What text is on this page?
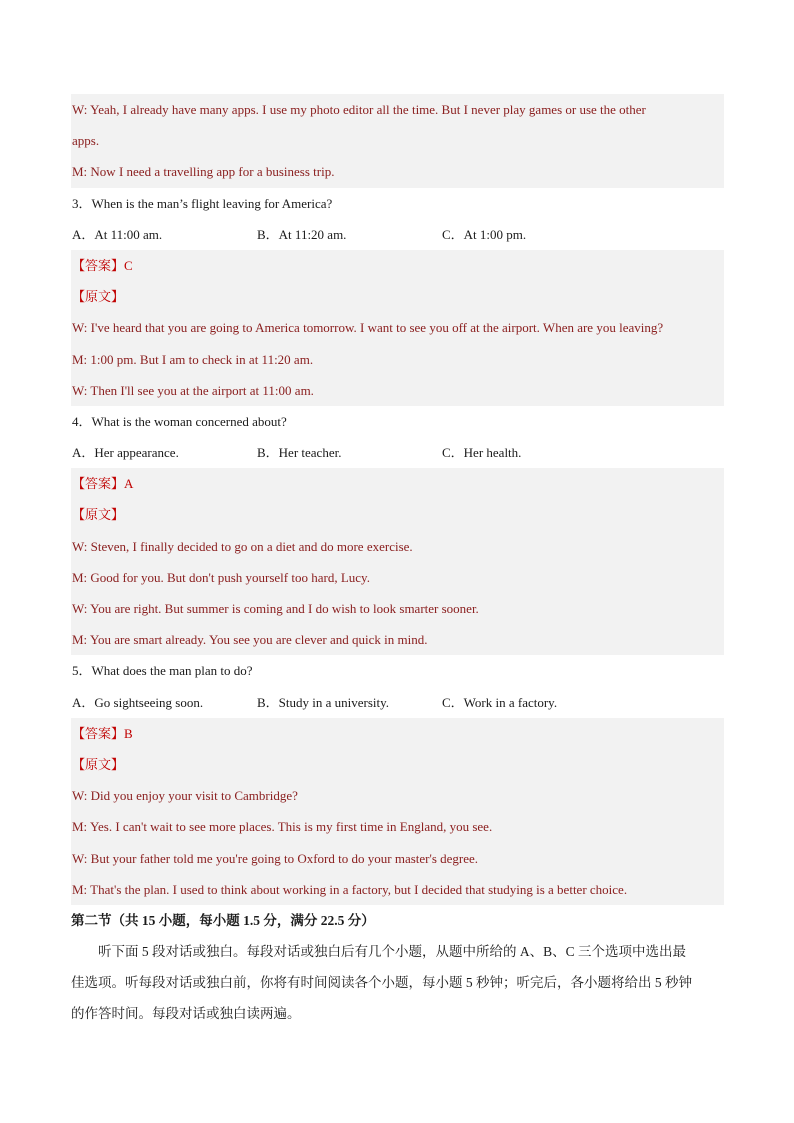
W: Yeah, I already have many apps. I use my photo editor all the time. But I never play games or use the other
apps.
M: Now I need a travelling app for a business trip.
3．When is the man’s flight leaving for America?
A．At 11:00 am.	B．At 11:20 am.	C．At 1:00 pm.
【答案】C
【原文】
W: I've heard that you are going to America tomorrow. I want to see you off at the airport. When are you leaving?
M: 1:00 pm. But I am to check in at 11:20 am.
W: Then I'll see you at the airport at 11:00 am.
4．What is the woman concerned about?
A．Her appearance.	B．Her teacher.	C．Her health.
【答案】A
【原文】
W: Steven, I finally decided to go on a diet and do more exercise.
M: Good for you. But don't push yourself too hard, Lucy.
W: You are right. But summer is coming and I do wish to look smarter sooner.
M: You are smart already. You see you are clever and quick in mind.
5．What does the man plan to do?
A．Go sightseeing soon.	B．Study in a university.	C．Work in a factory.
【答案】B
【原文】
W: Did you enjoy your visit to Cambridge?
M: Yes. I can't wait to see more places. This is my first time in England, you see.
W: But your father told me you're going to Oxford to do your master's degree.
M: That's the plan. I used to think about working in a factory, but I decided that studying is a better choice.
第二节（共 15 小题，每小题 1.5 分，满分 22.5 分）
听下面 5 段对话或独白。每段对话或独白后有几个小题，从题中所给的 A、B、C 三个选项中选出最
佳选项。听每段对话或独白前，你将有时间阅读各个小题，每小题 5 秒钟；听完后，各小题将给出 5 秒钟
的作答时间。每段对话或独白读两遍。
